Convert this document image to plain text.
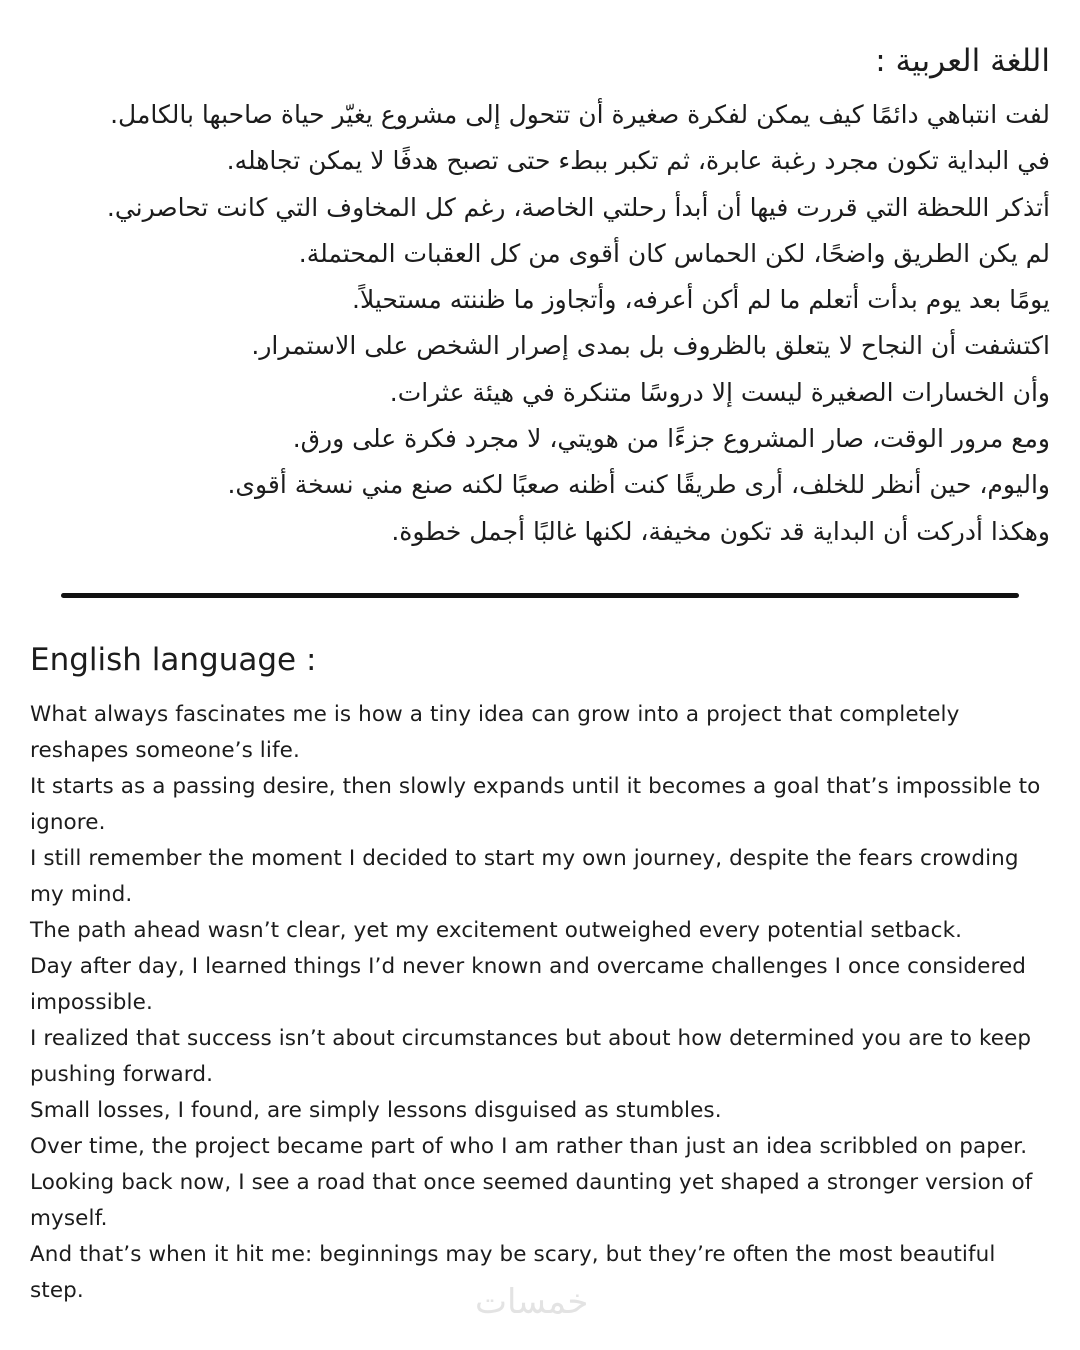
اللغة العربية :
لفت انتباهي دائمًا كيف يمكن لفكرة صغيرة أن تتحول إلى مشروع يغيّر حياة صاحبها بالكامل.
في البداية تكون مجرد رغبة عابرة، ثم تكبر ببطء حتى تصبح هدفًا لا يمكن تجاهله.
أتذكر اللحظة التي قررت فيها أن أبدأ رحلتي الخاصة، رغم كل المخاوف التي كانت تحاصرني.
لم يكن الطريق واضحًا، لكن الحماس كان أقوى من كل العقبات المحتملة.
يومًا بعد يوم بدأت أتعلم ما لم أكن أعرفه، وأتجاوز ما ظننته مستحيلاً.
اكتشفت أن النجاح لا يتعلق بالظروف بل بمدى إصرار الشخص على الاستمرار.
وأن الخسارات الصغيرة ليست إلا دروسًا متنكرة في هيئة عثرات.
ومع مرور الوقت، صار المشروع جزءًا من هويتي، لا مجرد فكرة على ورق.
واليوم، حين أنظر للخلف، أرى طريقًا كنت أظنه صعبًا لكنه صنع مني نسخة أقوى.
وهكذا أدركت أن البداية قد تكون مخيفة، لكنها غالبًا أجمل خطوة.
English language :

What always fascinates me is how a tiny idea can grow into a project that completely reshapes someone’s life.

It starts as a passing desire, then slowly expands until it becomes a goal that’s impossible to ignore.

I still remember the moment I decided to start my own journey, despite the fears crowding my mind.

The path ahead wasn’t clear, yet my excitement outweighed every potential setback.

Day after day, I learned things I’d never known and overcame challenges I once considered impossible.

I realized that success isn’t about circumstances but about how determined you are to keep pushing forward.

Small losses, I found, are simply lessons disguised as stumbles.

Over time, the project became part of who I am rather than just an idea scribbled on paper.

Looking back now, I see a road that once seemed daunting yet shaped a stronger version of myself.

And that’s when it hit me: beginnings may be scary, but they’re often the most beautiful step.	خمسات
